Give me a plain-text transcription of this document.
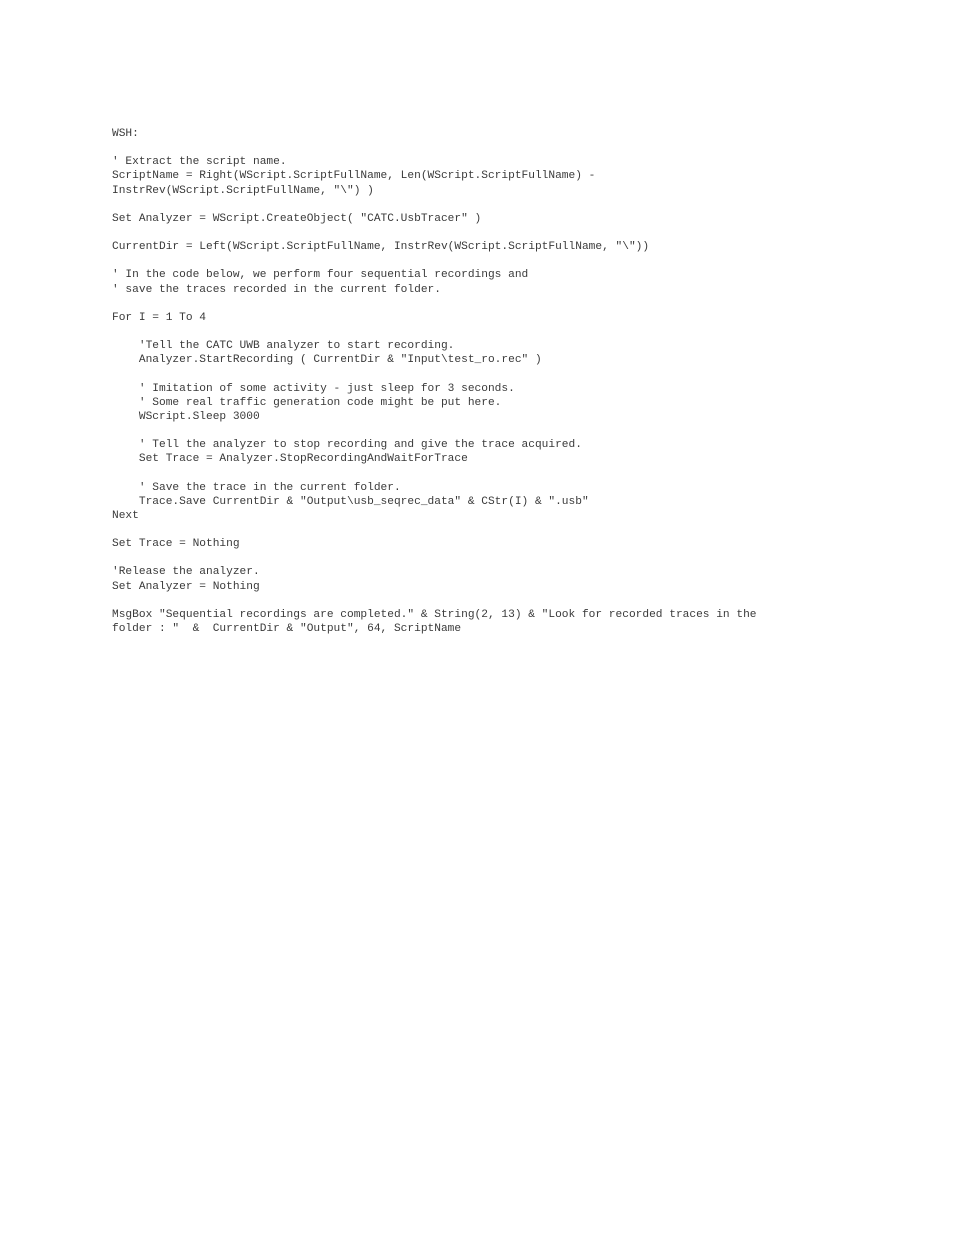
WSH:
' Extract the script name.
ScriptName = Right(WScript.ScriptFullName, Len(WScript.ScriptFullName) -
InstrRev(WScript.ScriptFullName, "\") )
Set Analyzer = WScript.CreateObject( "CATC.UsbTracer" )
CurrentDir = Left(WScript.ScriptFullName, InstrRev(WScript.ScriptFullName, "\"))
' In the code below, we perform four sequential recordings and
' save the traces recorded in the current folder.
For I = 1 To 4
'Tell the CATC UWB analyzer to start recording.
Analyzer.StartRecording ( CurrentDir & "Input\test_ro.rec" )
' Imitation of some activity - just sleep for 3 seconds.
' Some real traffic generation code might be put here.
WScript.Sleep 3000
' Tell the analyzer to stop recording and give the trace acquired.
Set Trace = Analyzer.StopRecordingAndWaitForTrace
' Save the trace in the current folder.
Trace.Save CurrentDir & "Output\usb_seqrec_data" & CStr(I) & ".usb"
Next
Set Trace = Nothing
'Release the analyzer.
Set Analyzer = Nothing
MsgBox "Sequential recordings are completed." & String(2, 13) & "Look for recorded traces in the
folder : "  &  CurrentDir & "Output", 64, ScriptName
